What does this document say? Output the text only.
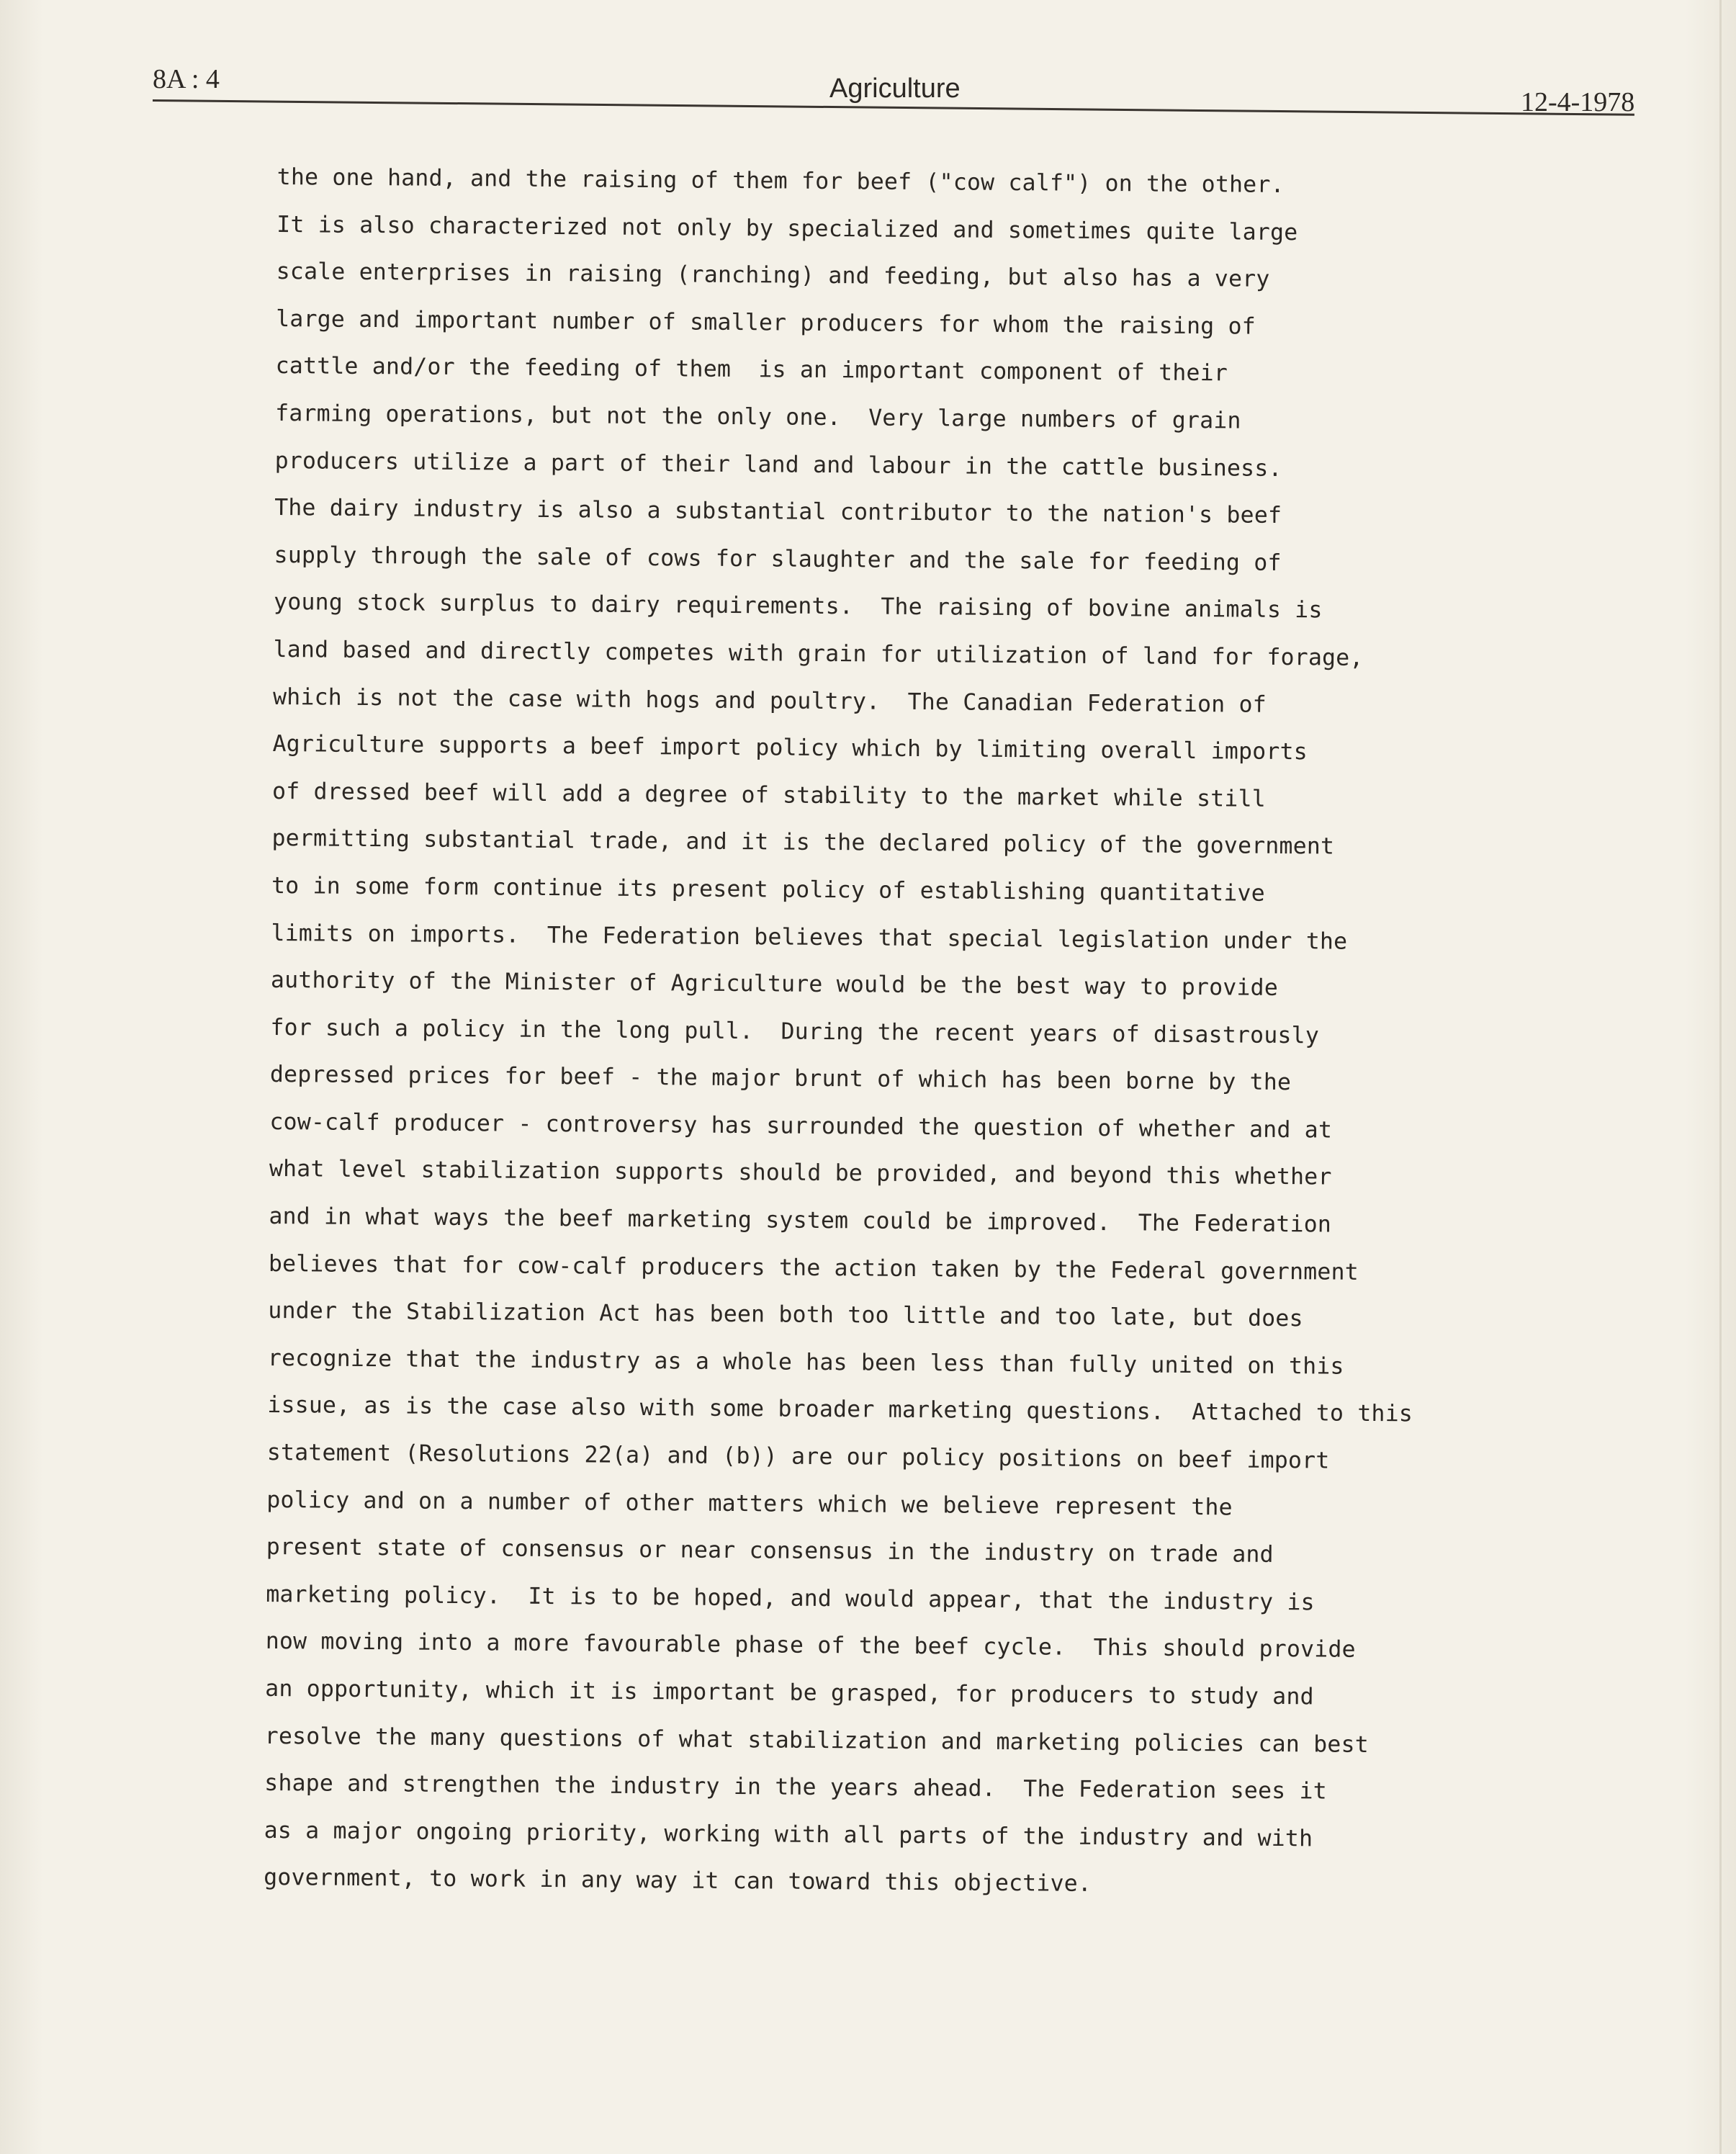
8A : 4	Agriculture	12-4-1978
the one hand, and the raising of them for beef ("cow calf") on the other.
It is also characterized not only by specialized and sometimes quite large
scale enterprises in raising (ranching) and feeding, but also has a very
large and important number of smaller producers for whom the raising of
cattle and/or the feeding of them  is an important component of their
farming operations, but not the only one.  Very large numbers of grain
producers utilize a part of their land and labour in the cattle business.
The dairy industry is also a substantial contributor to the nation's beef
supply through the sale of cows for slaughter and the sale for feeding of
young stock surplus to dairy requirements.  The raising of bovine animals is
land based and directly competes with grain for utilization of land for forage,
which is not the case with hogs and poultry.  The Canadian Federation of
Agriculture supports a beef import policy which by limiting overall imports
of dressed beef will add a degree of stability to the market while still
permitting substantial trade, and it is the declared policy of the government
to in some form continue its present policy of establishing quantitative
limits on imports.  The Federation believes that special legislation under the
authority of the Minister of Agriculture would be the best way to provide
for such a policy in the long pull.  During the recent years of disastrously
depressed prices for beef - the major brunt of which has been borne by the
cow-calf producer - controversy has surrounded the question of whether and at
what level stabilization supports should be provided, and beyond this whether
and in what ways the beef marketing system could be improved.  The Federation
believes that for cow-calf producers the action taken by the Federal government
under the Stabilization Act has been both too little and too late, but does
recognize that the industry as a whole has been less than fully united on this
issue, as is the case also with some broader marketing questions.  Attached to this
statement (Resolutions 22(a) and (b)) are our policy positions on beef import
policy and on a number of other matters which we believe represent the
present state of consensus or near consensus in the industry on trade and
marketing policy.  It is to be hoped, and would appear, that the industry is
now moving into a more favourable phase of the beef cycle.  This should provide
an opportunity, which it is important be grasped, for producers to study and
resolve the many questions of what stabilization and marketing policies can best
shape and strengthen the industry in the years ahead.  The Federation sees it
as a major ongoing priority, working with all parts of the industry and with
government, to work in any way it can toward this objective.
